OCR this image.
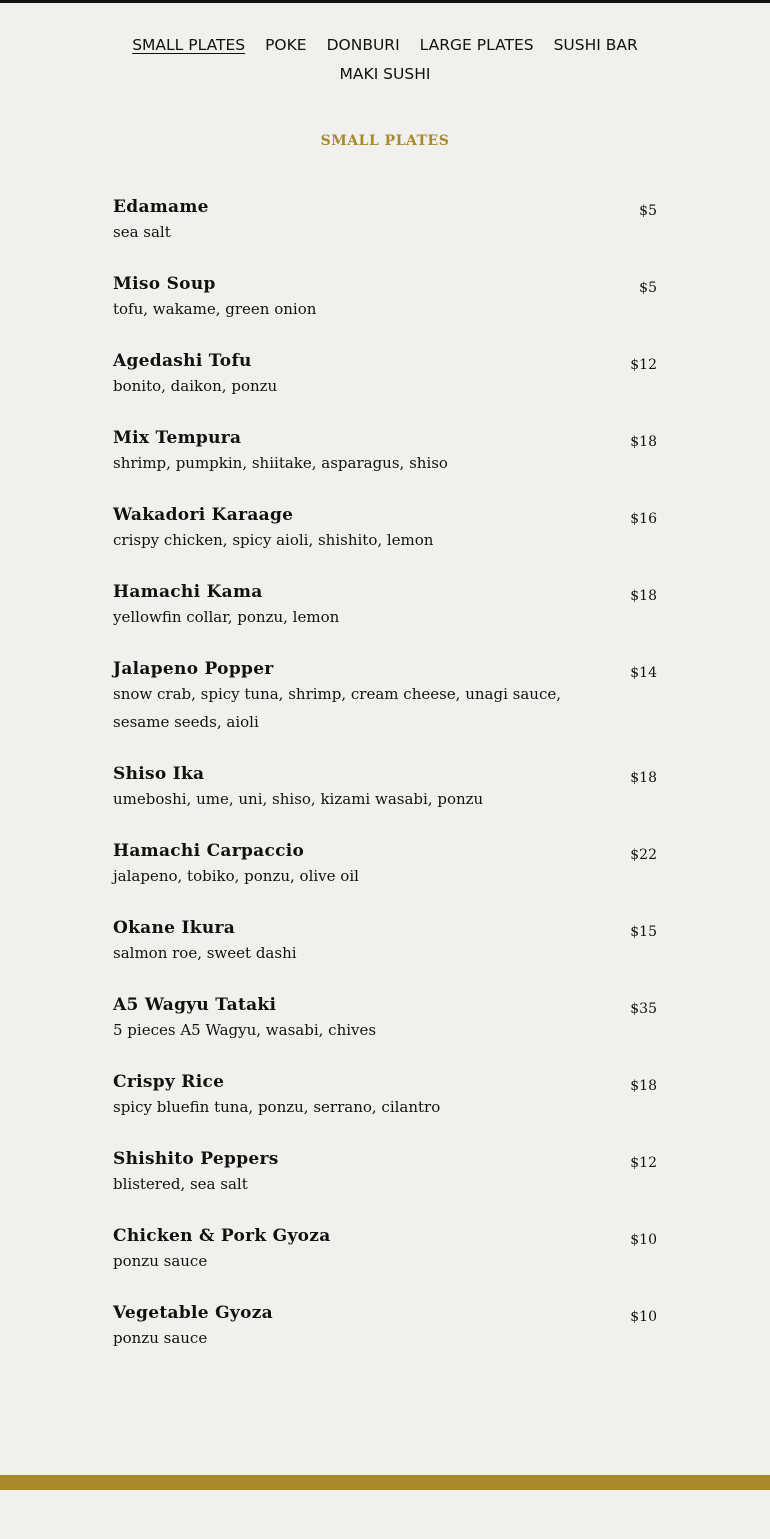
SMALL PLATES POKE DONBURI LARGE PLATES SUSHI BAR
MAKI SUSHI
SMALL PLATES
Edamame
sea salt
$5
Miso Soup
tofu, wakame, green onion
$5
Agedashi Tofu
bonito, daikon, ponzu
$12
Mix Tempura
shrimp, pumpkin, shiitake, asparagus, shiso
$18
Wakadori Karaage
crispy chicken, spicy aioli, shishito, lemon
$16
Hamachi Kama
yellowfin collar, ponzu, lemon
$18
Jalapeno Popper
snow crab, spicy tuna, shrimp, cream cheese, unagi sauce, sesame seeds, aioli
$14
Shiso Ika
umeboshi, ume, uni, shiso, kizami wasabi, ponzu
$18
Hamachi Carpaccio
jalapeno, tobiko, ponzu, olive oil
$22
Okane Ikura
salmon roe, sweet dashi
$15
A5 Wagyu Tataki
5 pieces A5 Wagyu, wasabi, chives
$35
Crispy Rice
spicy bluefin tuna, ponzu, serrano, cilantro
$18
Shishito Peppers
blistered, sea salt
$12
Chicken & Pork Gyoza
ponzu sauce
$10
Vegetable Gyoza
ponzu sauce
$10
